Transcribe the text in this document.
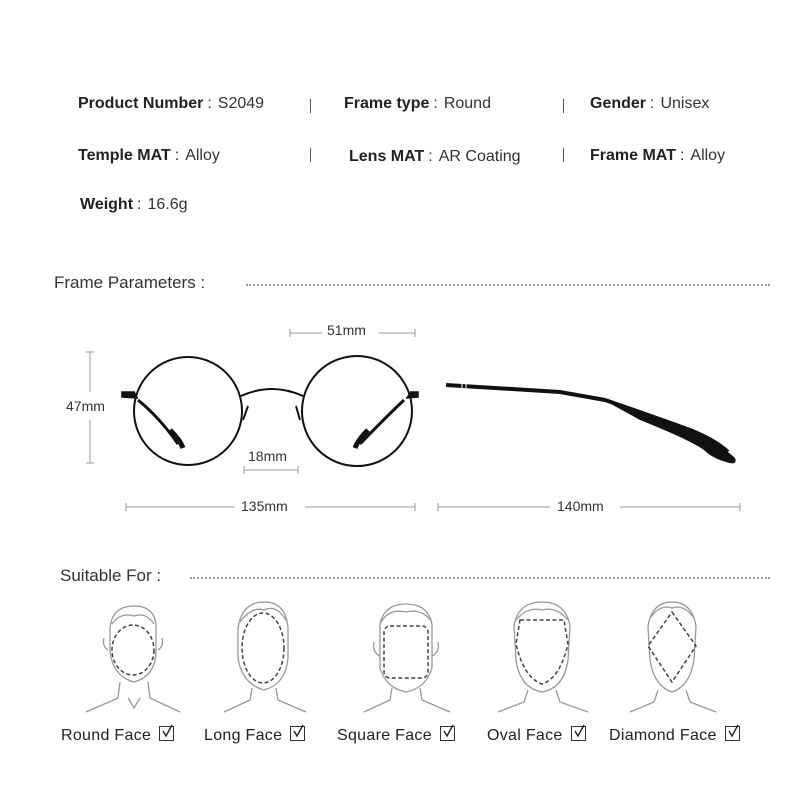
Product Number : S2049	Frame type : Round	Gender : Unisex
Temple MAT : Alloy	Lens MAT : AR Coating	Frame MAT : Alloy
Weight : 16.6g
Frame Parameters :
51mm
47mm
18mm
135mm	140mm
Suitable For :
Round Face	Long Face	Square Face	Oval Face	Diamond Face
